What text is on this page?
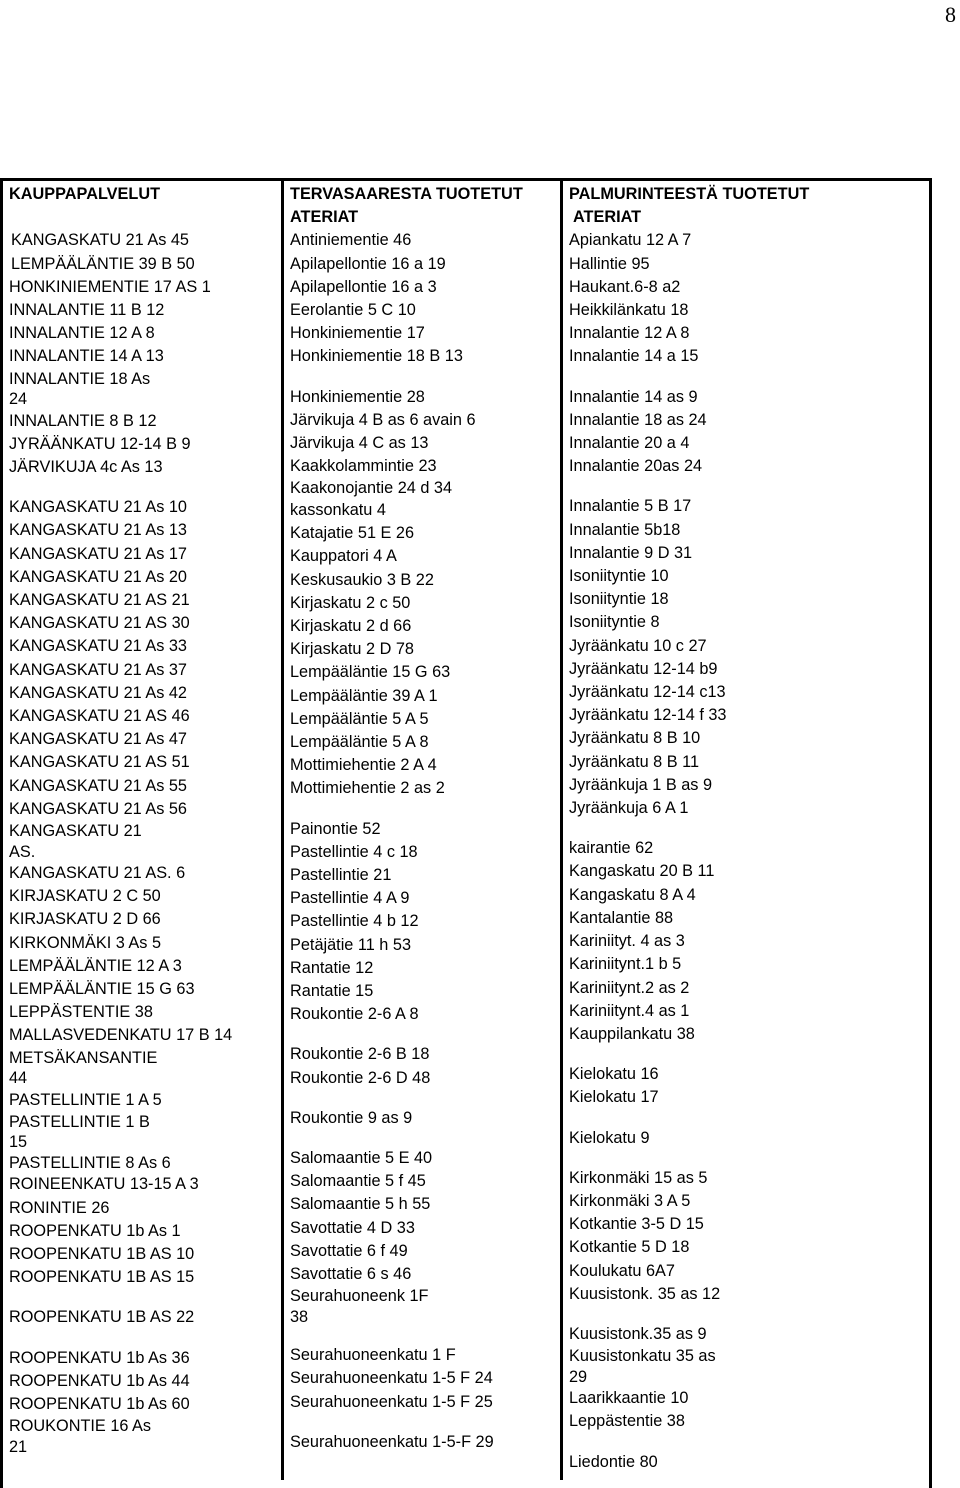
8
KAUPPAPALVELUT
KANGASKATU 21 As 45
LEMPÄÄLÄNTIE 39 B 50
HONKINIEMENTIE 17 AS 1
INNALANTIE 11 B 12
INNALANTIE 12 A 8
INNALANTIE 14 A 13
INNALANTIE 18 As 24
INNALANTIE 8 B 12
JYRÄÄNKATU 12-14 B 9
JÄRVIKUJA 4c As 13
KANGASKATU 21 As 10
KANGASKATU 21 As 13
KANGASKATU 21 As 17
KANGASKATU 21 As 20
KANGASKATU 21 AS 21
KANGASKATU 21 AS 30
KANGASKATU 21 As 33
KANGASKATU 21 As 37
KANGASKATU 21 As 42
KANGASKATU 21 AS 46
KANGASKATU 21 As 47
KANGASKATU 21 AS 51
KANGASKATU 21 As 55
KANGASKATU 21 As 56
KANGASKATU 21 AS.
KANGASKATU 21 AS. 6
KIRJASKATU 2 C 50
KIRJASKATU 2 D 66
KIRKONMÄKI 3 As 5
LEMPÄÄLÄNTIE 12 A 3
LEMPÄÄLÄNTIE 15 G 63
LEPPÄSTENTIE 38
MALLASVEDENKATU 17 B 14
METSÄKANSANTIE 44
PASTELLINTIE 1 A 5
PASTELLINTIE 1 B 15
PASTELLINTIE 8 As 6
ROINEENKATU 13-15 A 3
RONINTIE 26
ROOPENKATU 1b As 1
ROOPENKATU 1B AS 10
ROOPENKATU 1B AS 15
ROOPENKATU 1B AS 22
ROOPENKATU 1b As 36
ROOPENKATU 1b As 44
ROOPENKATU 1b As 60
ROUKONTIE 16 As 21
TERVASAARESTA TUOTETUT
ATERIAT
Antiniementie 46
Apilapellontie 16 a 19
Apilapellontie 16 a 3
Eerolantie 5 C 10
Honkiniementie 17
Honkiniementie 18 B 13
Honkiniementie 28
Järvikuja 4 B as 6 avain 6
Järvikuja 4 C as 13
Kaakkolammintie 23
Kaakonojantie 24 d 34
kassonkatu 4
Katajatie 51 E 26
Kauppatori 4 A
Keskusaukio 3 B 22
Kirjaskatu 2 c 50
Kirjaskatu 2 d 66
Kirjaskatu 2 D 78
Lempääläntie 15 G 63
Lempääläntie 39 A 1
Lempääläntie 5 A 5
Lempääläntie 5 A 8
Mottimiehentie 2 A 4
Mottimiehentie 2 as 2
Painontie 52
Pastellintie 4 c 18
Pastellintie 21
Pastellintie 4 A 9
Pastellintie 4 b 12
Petäjätie 11 h 53
Rantatie 12
Rantatie 15
Roukontie 2-6 A 8
Roukontie 2-6 B 18
Roukontie 2-6 D 48
Roukontie 9 as 9
Salomaantie 5 E 40
Salomaantie 5 f 45
Salomaantie 5 h 55
Savottatie 4 D 33
Savottatie 6 f 49
Savottatie 6 s 46
Seurahuoneenk 1F 38
Seurahuoneenkatu 1 F
Seurahuoneenkatu 1-5 F 24
Seurahuoneenkatu 1-5 F 25
Seurahuoneenkatu 1-5-F 29
PALMURINTEESTÄ TUOTETUT
ATERIAT
Apiankatu 12 A 7
Hallintie 95
Haukant.6-8 a2
Heikkilänkatu 18
Innalantie 12 A 8
Innalantie 14 a 15
Innalantie 14 as 9
Innalantie 18 as 24
Innalantie 20 a 4
Innalantie 20as 24
Innalantie 5 B 17
Innalantie 5b18
Innalantie 9 D 31
Isoniityntie 10
Isoniityntie 18
Isoniityntie 8
Jyräänkatu 10 c 27
Jyräänkatu 12-14 b9
Jyräänkatu 12-14 c13
Jyräänkatu 12-14 f 33
Jyräänkatu 8 B 10
Jyräänkatu 8 B 11
Jyräänkuja 1 B as 9
Jyräänkuja 6 A 1
kairantie 62
Kangaskatu 20 B 11
Kangaskatu 8 A 4
Kantalantie 88
Kariniityt. 4 as 3
Kariniitynt.1 b 5
Kariniitynt.2 as 2
Kariniitynt.4 as 1
Kauppilankatu 38
Kielokatu 16
Kielokatu 17
Kielokatu 9
Kirkonmäki 15 as 5
Kirkonmäki 3 A 5
Kotkantie 3-5 D 15
Kotkantie 5 D 18
Koulukatu 6A7
Kuusistonk. 35 as 12
Kuusistonk.35 as 9
Kuusistonkatu 35 as 29
Laarikkaantie 10
Leppästentie 38
Liedontie 80
